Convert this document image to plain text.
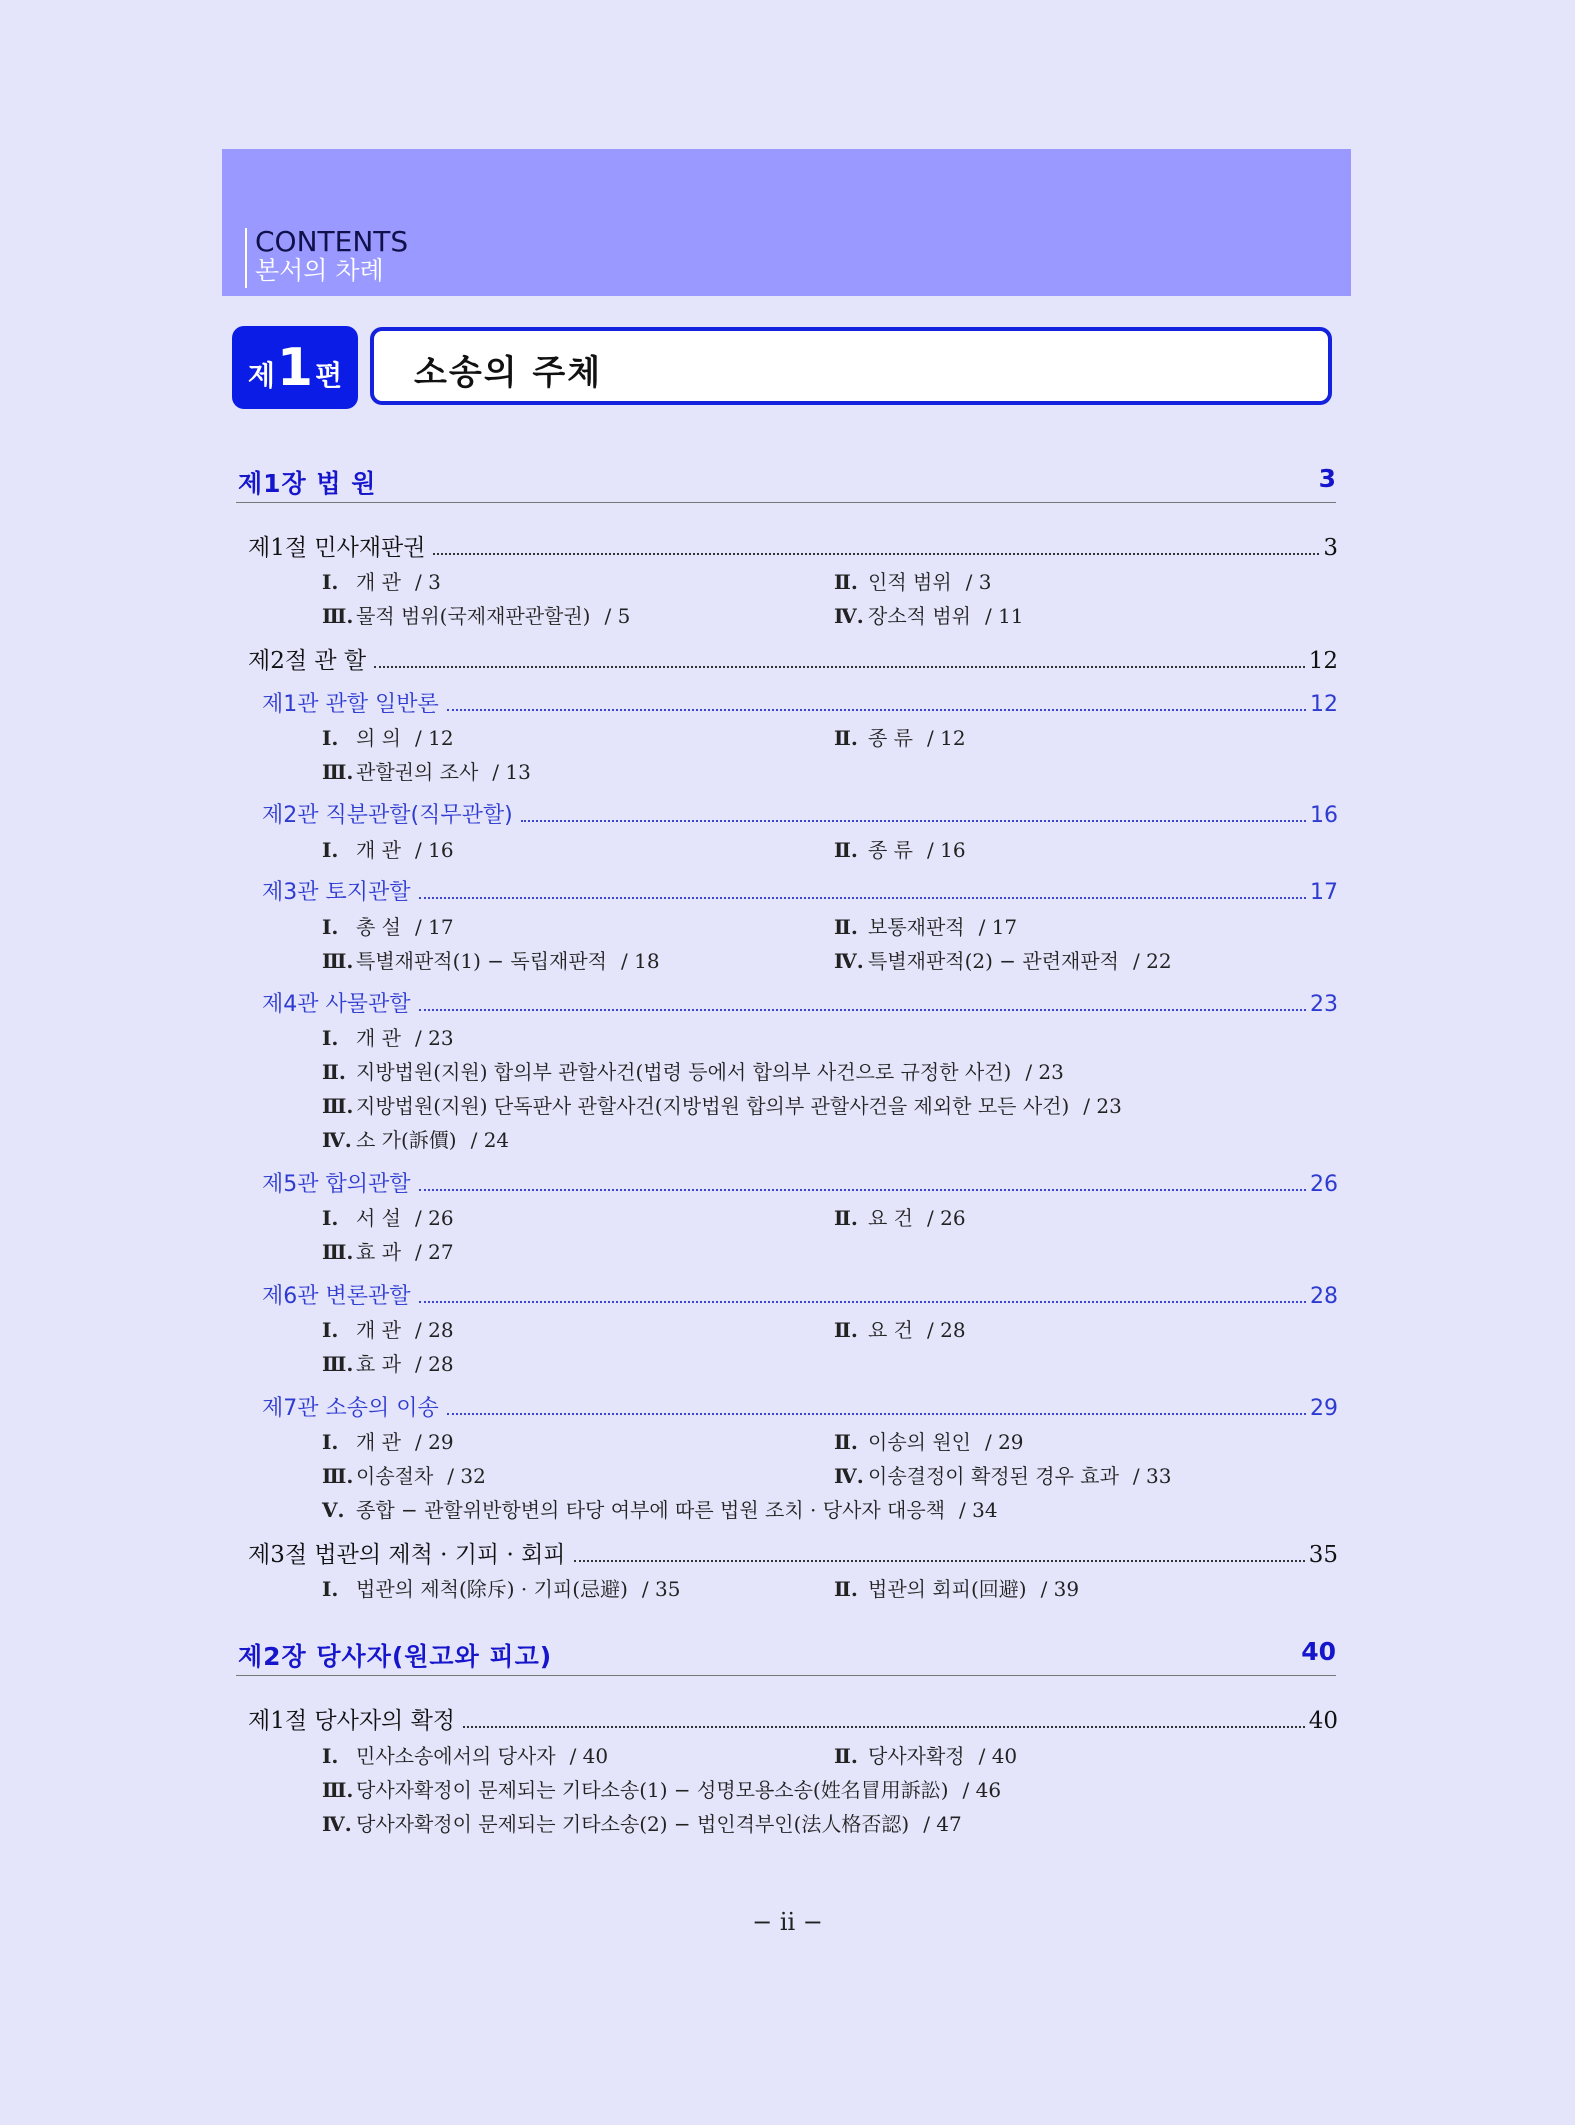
CONTENTS
본서의 차례
제 1 편 소송의 주체
제1장 법 원	3
제1절 민사재판권	3
Ⅰ. 개 관 / 3	Ⅱ. 인적 범위 / 3
Ⅲ. 물적 범위(국제재판관할권) / 5	Ⅳ. 장소적 범위 / 11
제2절 관 할	12
제1관 관할 일반론	12
Ⅰ. 의 의 / 12	Ⅱ. 종 류 / 12
Ⅲ. 관할권의 조사 / 13
제2관 직분관할(직무관할)	16
Ⅰ. 개 관 / 16	Ⅱ. 종 류 / 16
제3관 토지관할	17
Ⅰ. 총 설 / 17	Ⅱ. 보통재판적 / 17
Ⅲ. 특별재판적(1) − 독립재판적 / 18	Ⅳ. 특별재판적(2) − 관련재판적 / 22
제4관 사물관할	23
Ⅰ. 개 관 / 23
Ⅱ. 지방법원(지원) 합의부 관할사건(법령 등에서 합의부 사건으로 규정한 사건) / 23
Ⅲ. 지방법원(지원) 단독판사 관할사건(지방법원 합의부 관할사건을 제외한 모든 사건) / 23
Ⅳ. 소 가(訴價) / 24
제5관 합의관할	26
Ⅰ. 서 설 / 26	Ⅱ. 요 건 / 26
Ⅲ. 효 과 / 27
제6관 변론관할	28
Ⅰ. 개 관 / 28	Ⅱ. 요 건 / 28
Ⅲ. 효 과 / 28
제7관 소송의 이송	29
Ⅰ. 개 관 / 29	Ⅱ. 이송의 원인 / 29
Ⅲ. 이송절차 / 32	Ⅳ. 이송결정이 확정된 경우 효과 / 33
Ⅴ. 종합 − 관할위반항변의 타당 여부에 따른 법원 조치 · 당사자 대응책 / 34
제3절 법관의 제척 · 기피 · 회피	35
Ⅰ. 법관의 제척(除斥) · 기피(忌避) / 35	Ⅱ. 법관의 회피(回避) / 39
제2장 당사자(원고와 피고)	40
제1절 당사자의 확정	40
Ⅰ. 민사소송에서의 당사자 / 40	Ⅱ. 당사자확정 / 40
Ⅲ. 당사자확정이 문제되는 기타소송(1) − 성명모용소송(姓名冒用訴訟) / 46
Ⅳ. 당사자확정이 문제되는 기타소송(2) − 법인격부인(法人格否認) / 47
− ii −
